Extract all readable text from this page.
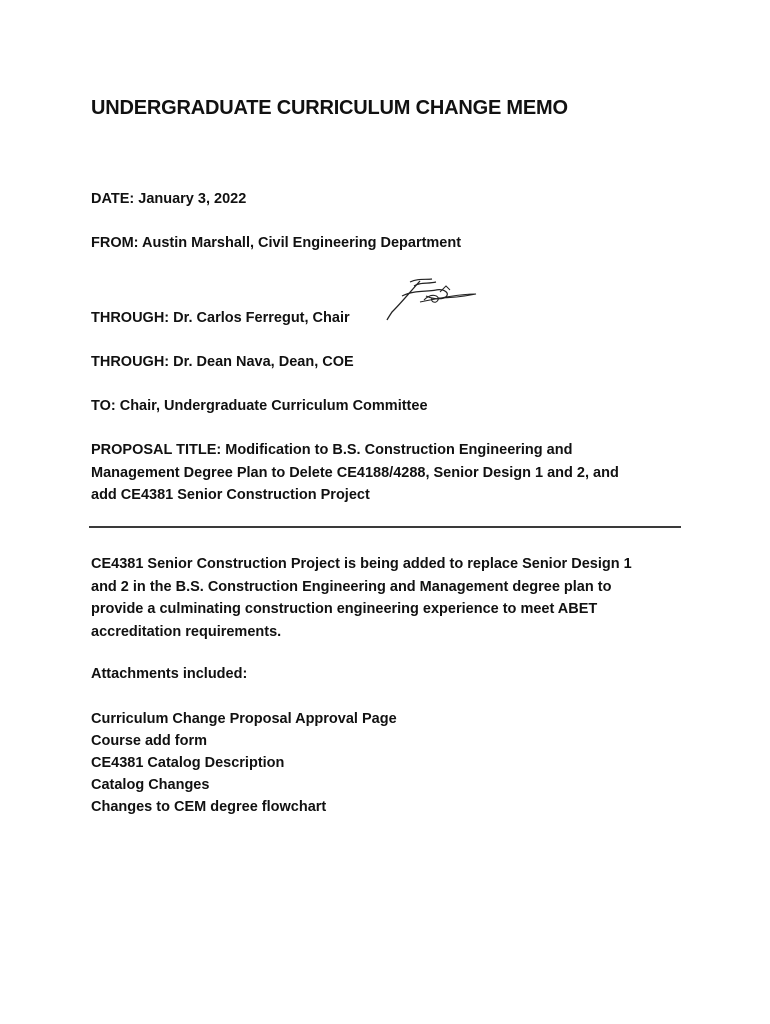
UNDERGRADUATE CURRICULUM CHANGE MEMO
DATE: January 3, 2022
FROM: Austin Marshall, Civil Engineering Department
THROUGH: Dr. Carlos Ferregut, Chair
THROUGH: Dr. Dean Nava, Dean, COE
TO: Chair, Undergraduate Curriculum Committee
PROPOSAL TITLE: Modification to B.S. Construction Engineering and
Management Degree Plan to Delete CE4188/4288, Senior Design 1 and 2, and
add CE4381 Senior Construction Project
CE4381 Senior Construction Project is being added to replace Senior Design 1
and 2 in the B.S. Construction Engineering and Management degree plan to
provide a culminating construction engineering experience to meet ABET
accreditation requirements.
Attachments included:
Curriculum Change Proposal Approval Page
Course add form
CE4381 Catalog Description
Catalog Changes
Changes to CEM degree flowchart
